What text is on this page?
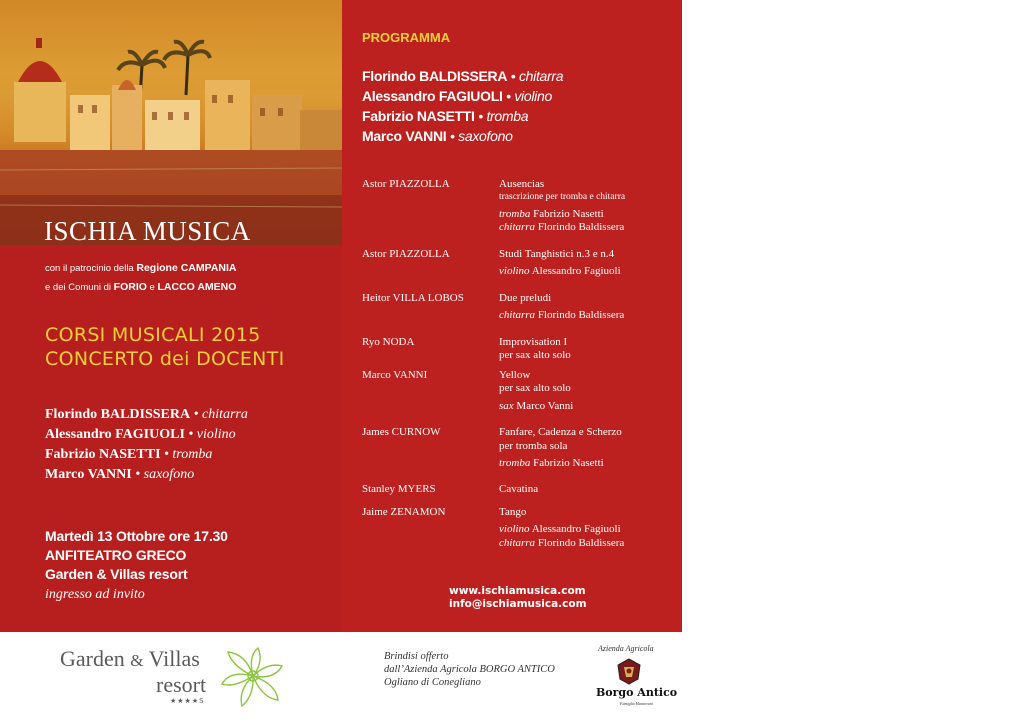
ISCHIA MUSICA
con il patrocinio della Regione CAMPANIA
e dei Comuni di FORIO e LACCO AMENO
CORSI MUSICALI 2015
CONCERTO dei DOCENTI
Florindo BALDISSERA • chitarra
Alessandro FAGIUOLI • violino
Fabrizio NASETTI • tromba
Marco VANNI • saxofono
Martedì 13 Ottobre ore 17.30
ANFITEATRO GRECO
Garden & Villas resort
ingresso ad invito
PROGRAMMA
Florindo BALDISSERA • chitarra
Alessandro FAGIUOLI • violino
Fabrizio NASETTI • tromba
Marco VANNI • saxofono
Astor PIAZZOLLA	Ausencias
trascrizione per tromba e chitarra
tromba Fabrizio Nasetti
chitarra Florindo Baldissera
Astor PIAZZOLLA	Studi Tanghistici n.3 e n.4
violino Alessandro Fagiuoli
Heitor VILLA LOBOS	Due preludi
chitarra Florindo Baldissera
Ryo NODA	Improvisation I
per sax alto solo
Marco VANNI	Yellow
per sax alto solo
sax Marco Vanni
James CURNOW	Fanfare, Cadenza e Scherzo
per tromba sola
tromba Fabrizio Nasetti
Stanley MYERS	Cavatina
Jaime ZENAMON	Tango
violino Alessandro Fagiuoli
chitarra Florindo Baldissera
www.ischiamusica.com
info@ischiamusica.com
Garden & Villas
resort
★★★★S
Brindisi offerto
dall’Azienda Agricola BORGO ANTICO
Ogliano di Conegliano
Azienda Agricola
Borgo Antico
Famiglia Mantovani
